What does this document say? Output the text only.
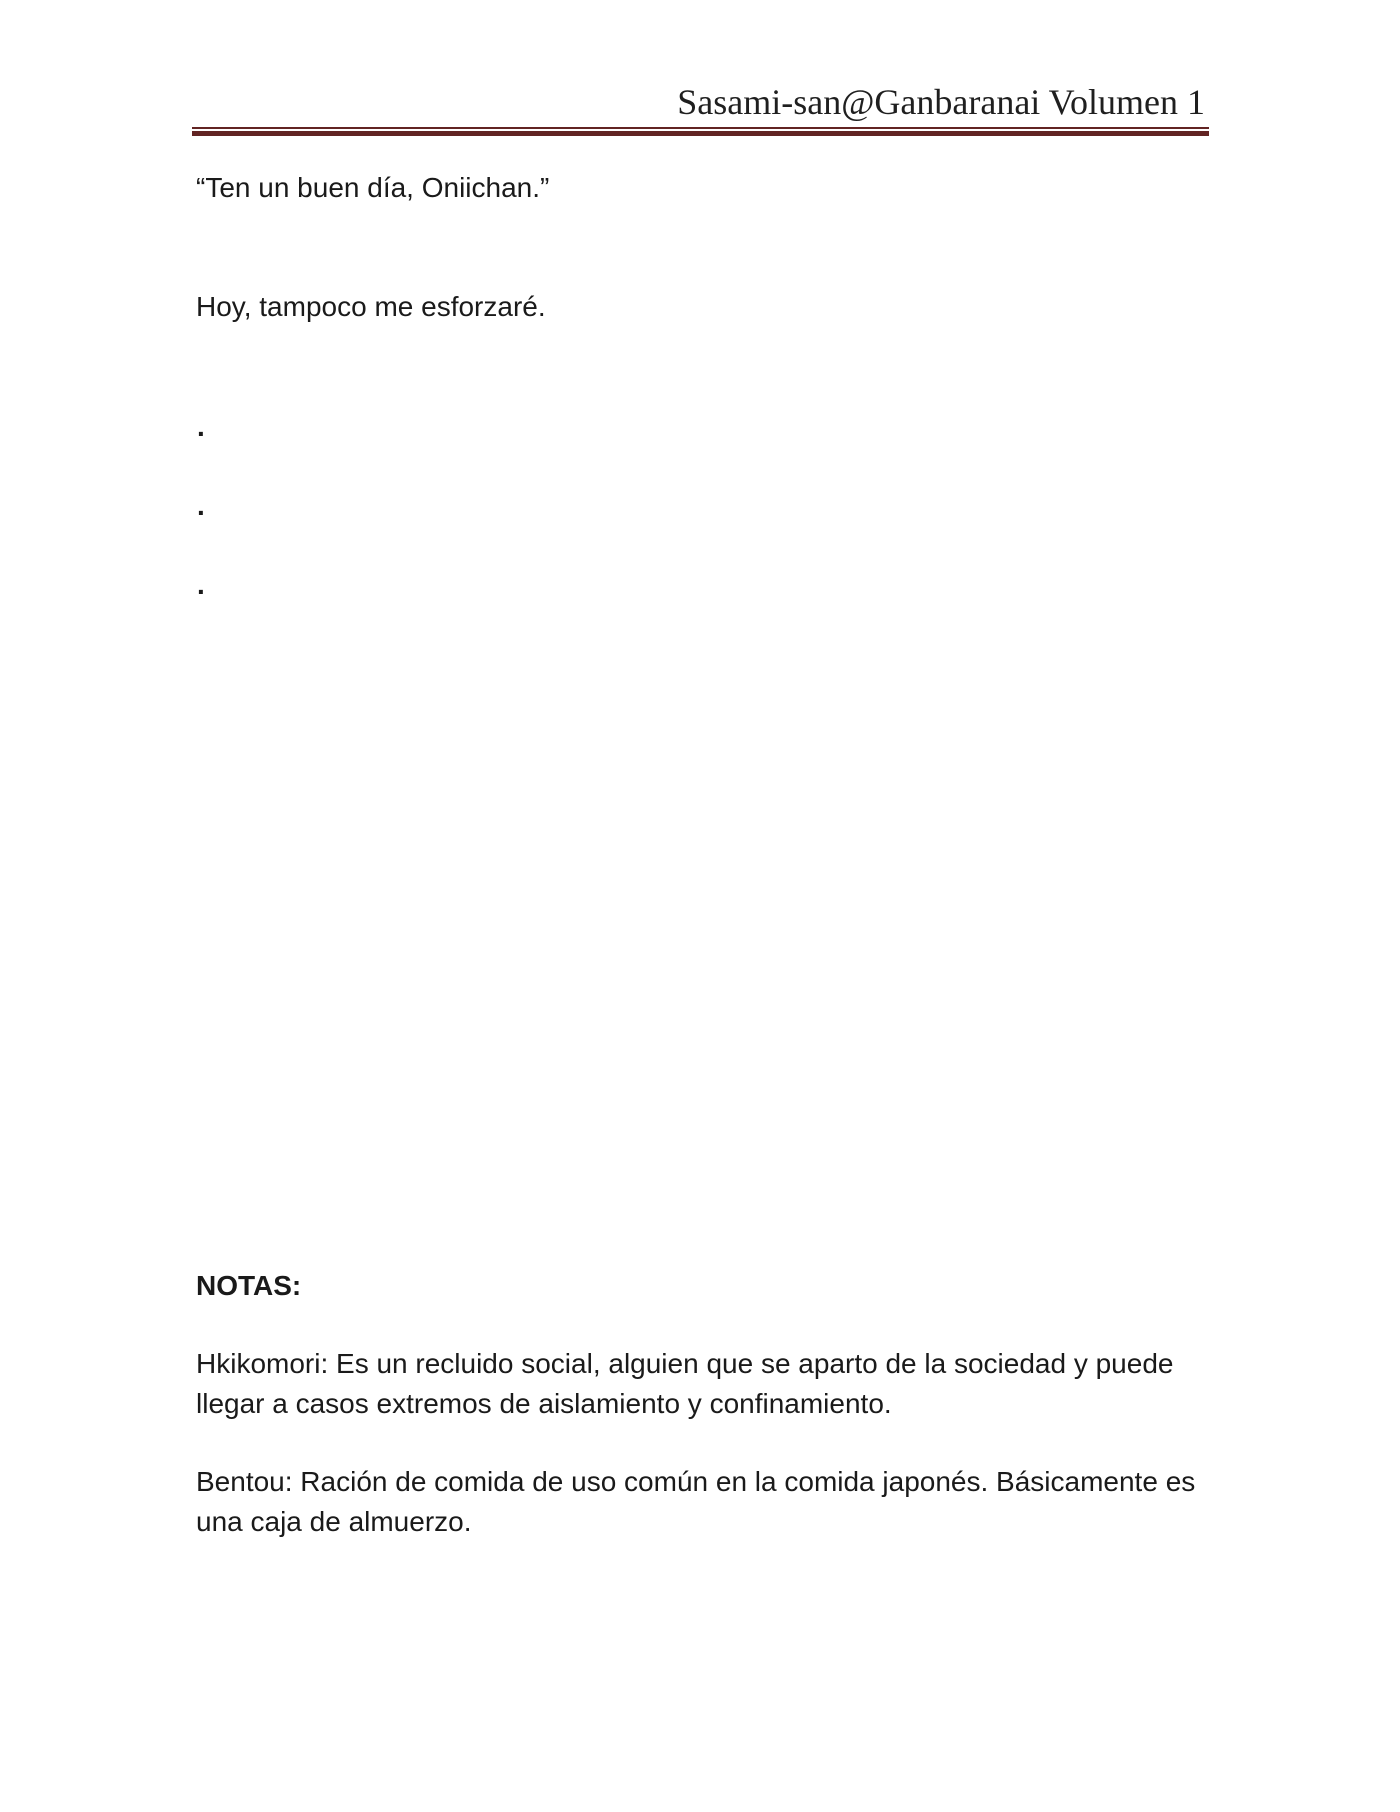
Sasami-san@Ganbaranai Volumen 1
“Ten un buen día, Oniichan.”
Hoy, tampoco me esforzaré.
.
.
.
NOTAS:
Hkikomori: Es un recluido social, alguien que se aparto de la sociedad y puede llegar a casos extremos de aislamiento y confinamiento.
Bentou: Ración de comida de uso común en la comida japonés. Básicamente es una caja de almuerzo.
